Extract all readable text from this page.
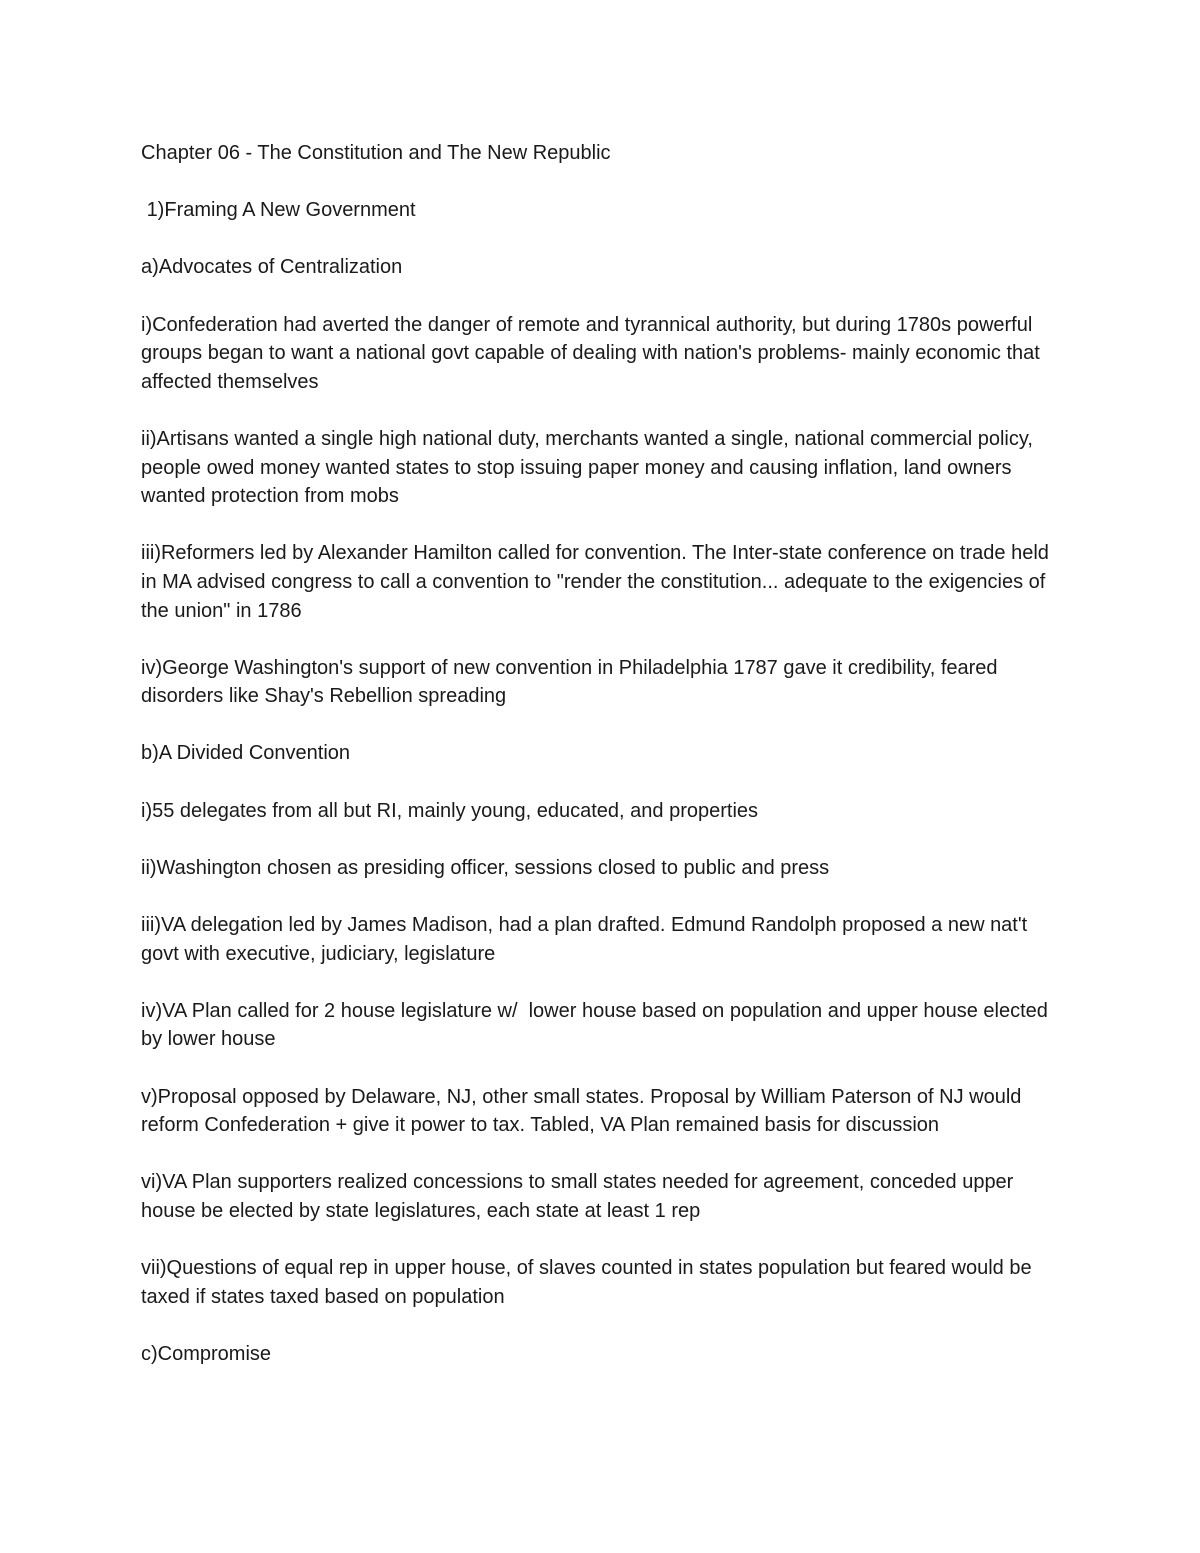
Chapter 06 - The Constitution and The New Republic

1)Framing A New Government

a)Advocates of Centralization

i)Confederation had averted the danger of remote and tyrannical authority, but during 1780s powerful groups began to want a national govt capable of dealing with nation's problems- mainly economic that affected themselves

ii)Artisans wanted a single high national duty, merchants wanted a single, national commercial policy, people owed money wanted states to stop issuing paper money and causing inflation, land owners wanted protection from mobs

iii)Reformers led by Alexander Hamilton called for convention. The Inter-state conference on trade held in MA advised congress to call a convention to "render the constitution... adequate to the exigencies of the union" in 1786

iv)George Washington's support of new convention in Philadelphia 1787 gave it credibility, feared disorders like Shay's Rebellion spreading

b)A Divided Convention

i)55 delegates from all but RI, mainly young, educated, and properties

ii)Washington chosen as presiding officer, sessions closed to public and press

iii)VA delegation led by James Madison, had a plan drafted. Edmund Randolph proposed a new nat't govt with executive, judiciary, legislature

iv)VA Plan called for 2 house legislature w/  lower house based on population and upper house elected by lower house

v)Proposal opposed by Delaware, NJ, other small states. Proposal by William Paterson of NJ would reform Confederation + give it power to tax. Tabled, VA Plan remained basis for discussion

vi)VA Plan supporters realized concessions to small states needed for agreement, conceded upper house be elected by state legislatures, each state at least 1 rep

vii)Questions of equal rep in upper house, of slaves counted in states population but feared would be taxed if states taxed based on population

c)Compromise
